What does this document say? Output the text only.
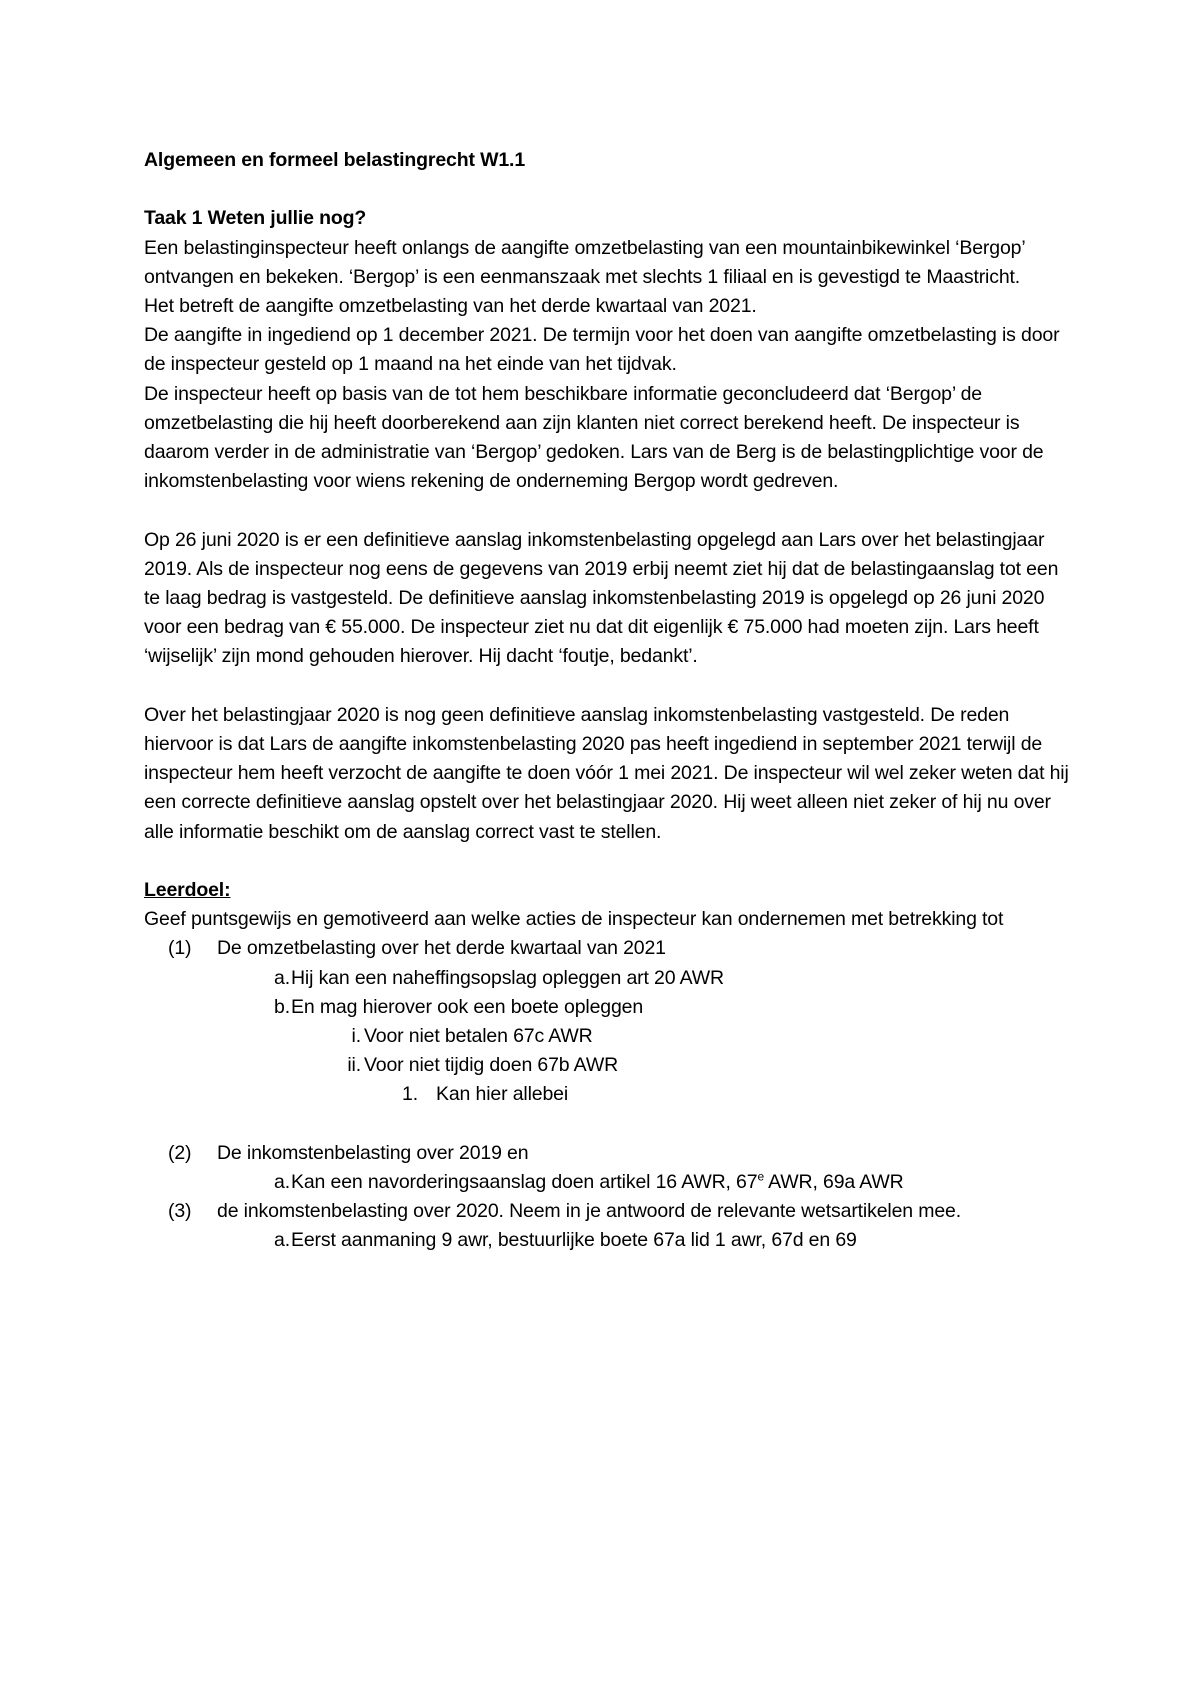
Algemeen en formeel belastingrecht W1.1

Taak 1 Weten jullie nog?

Een belastinginspecteur heeft onlangs de aangifte omzetbelasting van een mountainbikewinkel ‘Bergop’ ontvangen en bekeken. ‘Bergop’ is een eenmanszaak met slechts 1 filiaal en is gevestigd te Maastricht.

Het betreft de aangifte omzetbelasting van het derde kwartaal van 2021.

De aangifte in ingediend op 1 december 2021. De termijn voor het doen van aangifte omzetbelasting is door de inspecteur gesteld op 1 maand na het einde van het tijdvak.

De inspecteur heeft op basis van de tot hem beschikbare informatie geconcludeerd dat ‘Bergop’ de omzetbelasting die hij heeft doorberekend aan zijn klanten niet correct berekend heeft. De inspecteur is daarom verder in de administratie van ‘Bergop’ gedoken. Lars van de Berg is de belastingplichtige voor de inkomstenbelasting voor wiens rekening de onderneming Bergop wordt gedreven.

Op 26 juni 2020 is er een definitieve aanslag inkomstenbelasting opgelegd aan Lars over het belastingjaar 2019. Als de inspecteur nog eens de gegevens van 2019 erbij neemt ziet hij dat de belastingaanslag tot een te laag bedrag is vastgesteld. De definitieve aanslag inkomstenbelasting 2019 is opgelegd op 26 juni 2020 voor een bedrag van € 55.000. De inspecteur ziet nu dat dit eigenlijk € 75.000 had moeten zijn. Lars heeft ‘wijselijk’ zijn mond gehouden hierover. Hij dacht ‘foutje, bedankt’.

Over het belastingjaar 2020 is nog geen definitieve aanslag inkomstenbelasting vastgesteld. De reden hiervoor is dat Lars de aangifte inkomstenbelasting 2020 pas heeft ingediend in september 2021 terwijl de inspecteur hem heeft verzocht de aangifte te doen vóór 1 mei 2021. De inspecteur wil wel zeker weten dat hij een correcte definitieve aanslag opstelt over het belastingjaar 2020. Hij weet alleen niet zeker of hij nu over alle informatie beschikt om de aanslag correct vast te stellen.

Leerdoel:

Geef puntsgewijs en gemotiveerd aan welke acties de inspecteur kan ondernemen met betrekking tot

(1)	De omzetbelasting over het derde kwartaal van 2021
a. Hij kan een naheffingsopslag opleggen art 20 AWR
b. En mag hierover ook een boete opleggen
i. Voor niet betalen 67c AWR
ii. Voor niet tijdig doen 67b AWR
1. Kan hier allebei
(2)	De inkomstenbelasting over 2019 en
a. Kan een navorderingsaanslag doen artikel 16 AWR, 67e AWR, 69a AWR
(3)	de inkomstenbelasting over 2020. Neem in je antwoord de relevante wetsartikelen mee.
a. Eerst aanmaning 9 awr, bestuurlijke boete 67a lid 1 awr, 67d en 69
